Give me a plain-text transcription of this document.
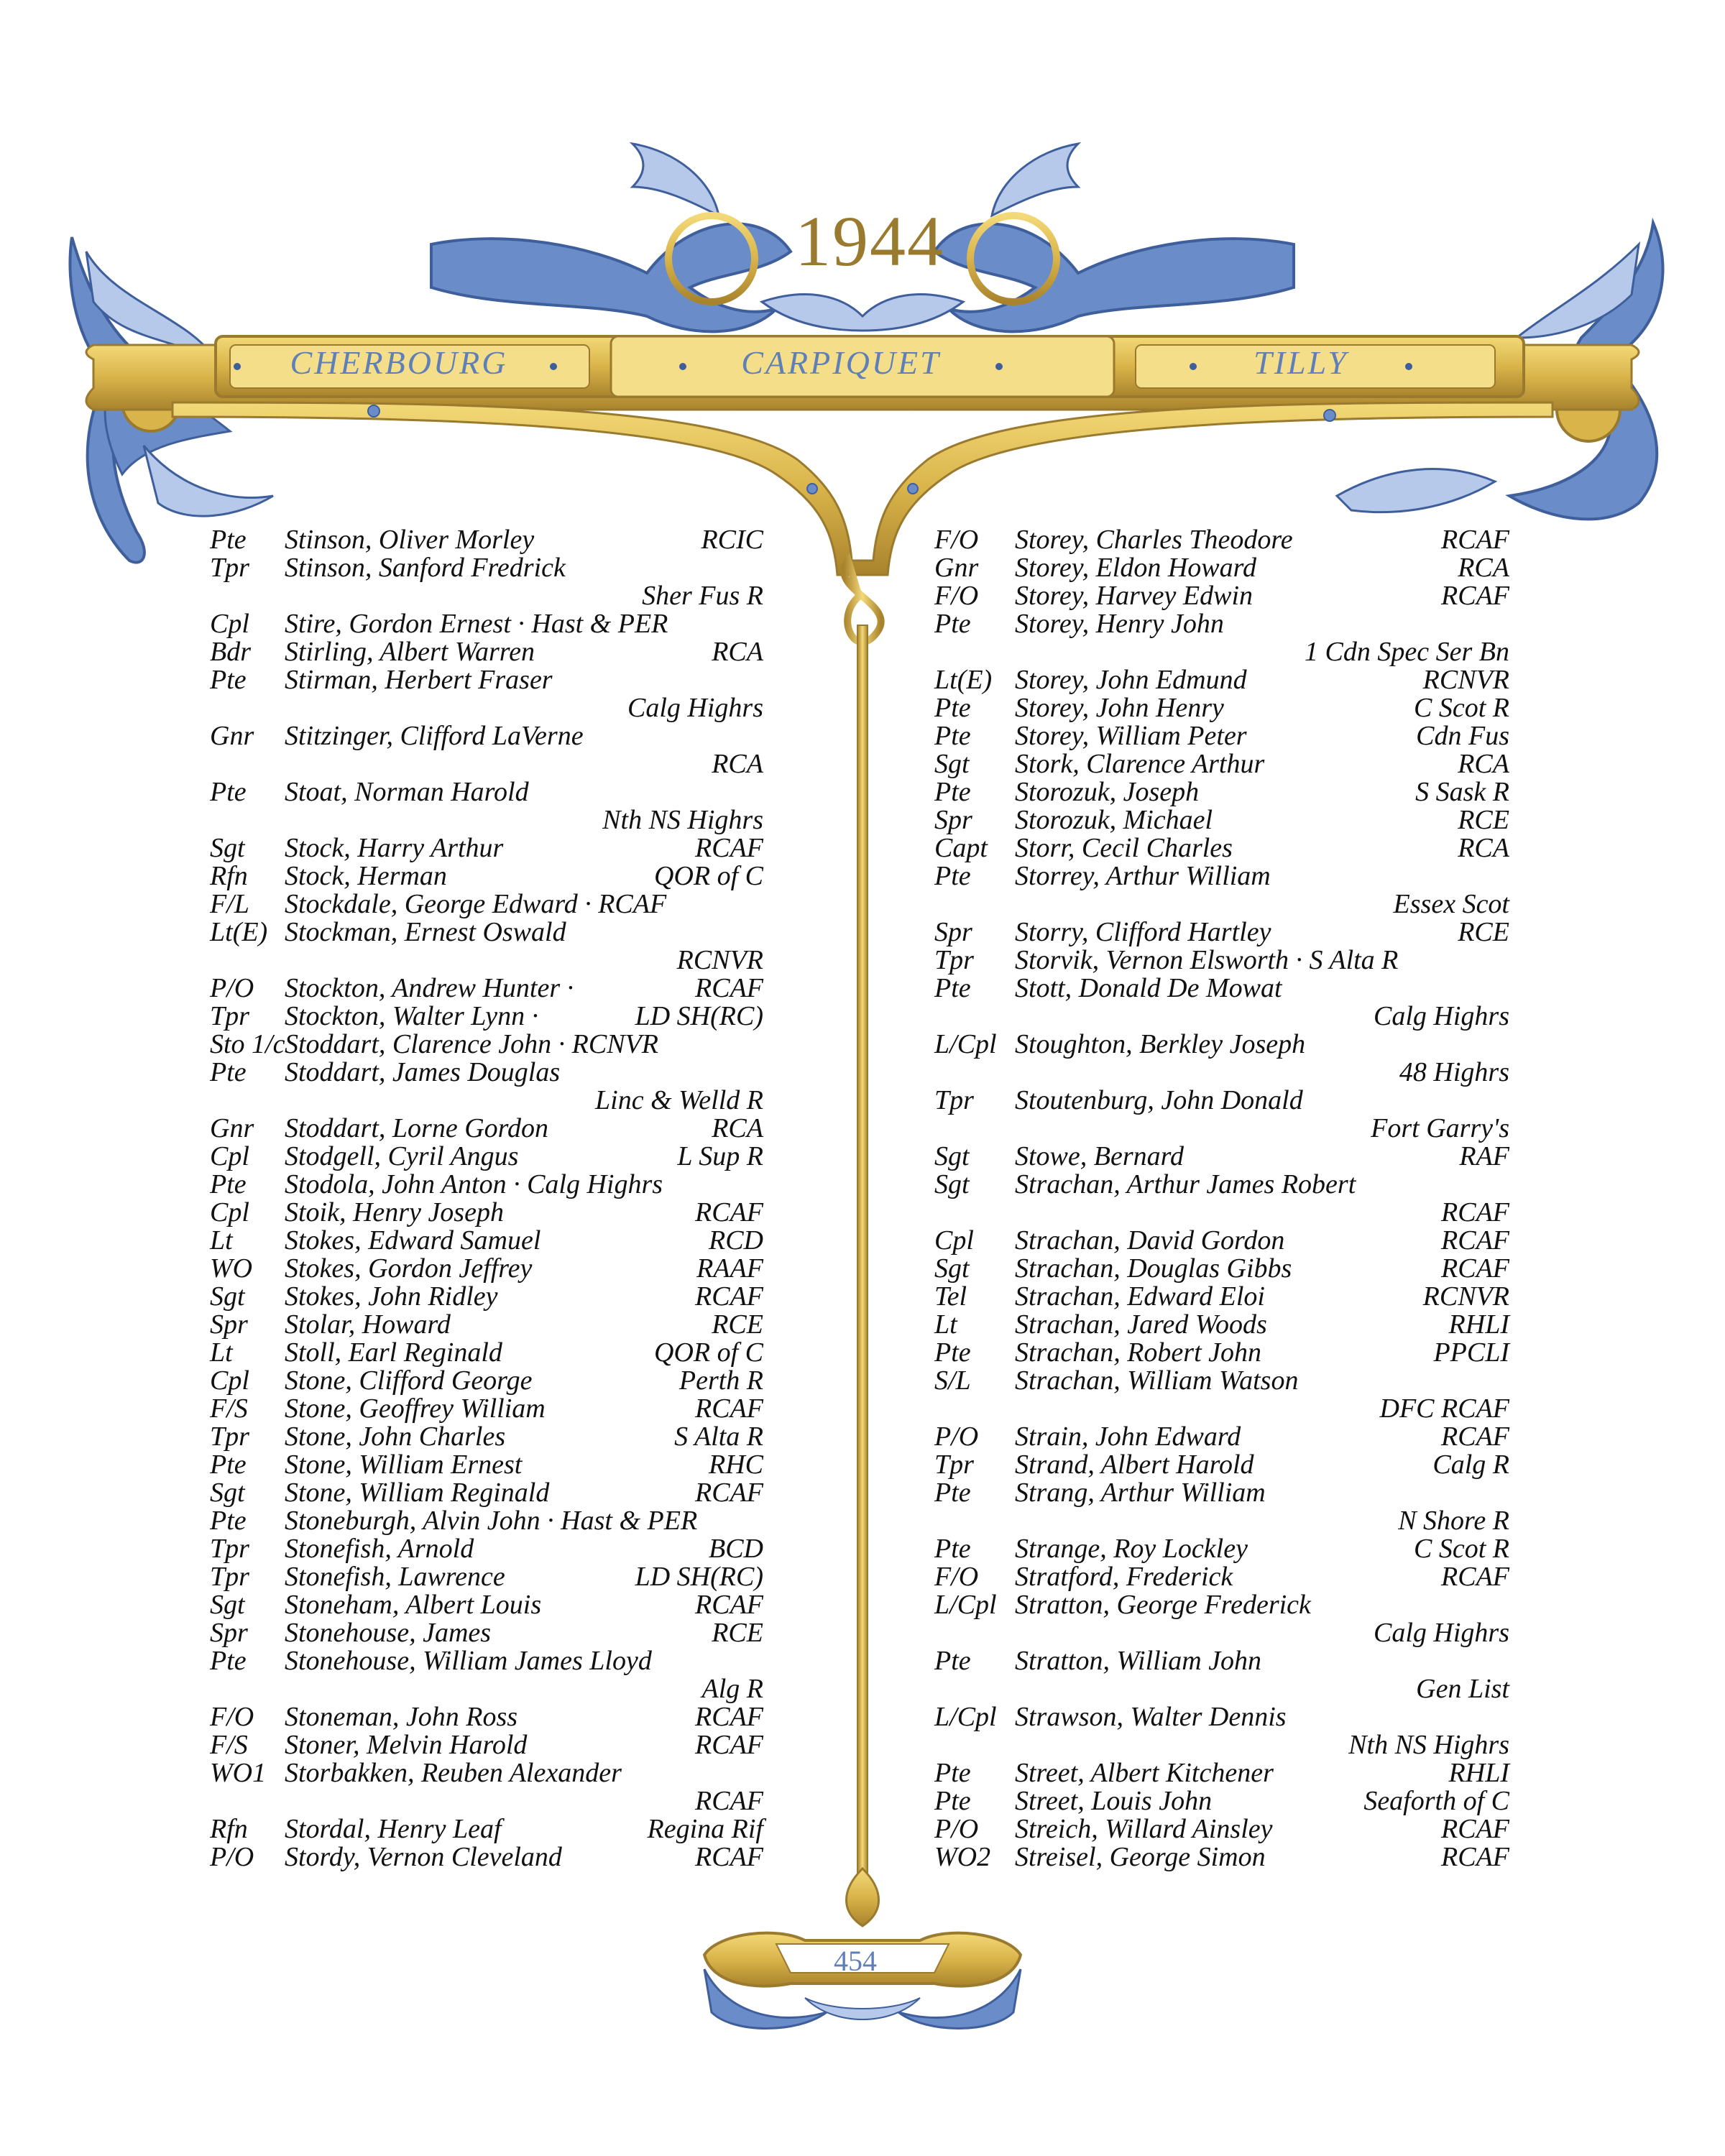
1944
CHERBOURG	CARPIQUET	TILLY
Pte Stinson, Oliver Morley	RCIC
Tpr Stinson, Sanford Fredrick
Sher Fus R
Cpl Stire, Gordon Ernest · Hast & PER
Bdr Stirling, Albert Warren	RCA
Pte Stirman, Herbert Fraser
Calg Highrs
Gnr Stitzinger, Clifford LaVerne
RCA
Pte Stoat, Norman Harold
Nth NS Highrs
Sgt Stock, Harry Arthur	RCAF
Rfn Stock, Herman	QOR of C
F/L Stockdale, George Edward · RCAF
Lt(E) Stockman, Ernest Oswald
RCNVR
P/O Stockton, Andrew Hunter ·	RCAF
Tpr Stockton, Walter Lynn ·	LD SH(RC)
Sto 1/c Stoddart, Clarence John · RCNVR
Pte Stoddart, James Douglas
Linc & Welld R
Gnr Stoddart, Lorne Gordon	RCA
Cpl Stodgell, Cyril Angus	L Sup R
Pte Stodola, John Anton · Calg Highrs
Cpl Stoik, Henry Joseph	RCAF
Lt Stokes, Edward Samuel	RCD
WO Stokes, Gordon Jeffrey	RAAF
Sgt Stokes, John Ridley	RCAF
Spr Stolar, Howard	RCE
Lt Stoll, Earl Reginald	QOR of C
Cpl Stone, Clifford George	Perth R
F/S Stone, Geoffrey William	RCAF
Tpr Stone, John Charles	S Alta R
Pte Stone, William Ernest	RHC
Sgt Stone, William Reginald	RCAF
Pte Stoneburgh, Alvin John · Hast & PER
Tpr Stonefish, Arnold	BCD
Tpr Stonefish, Lawrence	LD SH(RC)
Sgt Stoneham, Albert Louis	RCAF
Spr Stonehouse, James	RCE
Pte Stonehouse, William James Lloyd
Alg R
F/O Stoneman, John Ross	RCAF
F/S Stoner, Melvin Harold	RCAF
WO1 Storbakken, Reuben Alexander
RCAF
Rfn Stordal, Henry Leaf	Regina Rif
P/O Stordy, Vernon Cleveland	RCAF
F/O Storey, Charles Theodore	RCAF
Gnr Storey, Eldon Howard	RCA
F/O Storey, Harvey Edwin	RCAF
Pte Storey, Henry John
1 Cdn Spec Ser Bn
Lt(E) Storey, John Edmund	RCNVR
Pte Storey, John Henry	C Scot R
Pte Storey, William Peter	Cdn Fus
Sgt Stork, Clarence Arthur	RCA
Pte Storozuk, Joseph	S Sask R
Spr Storozuk, Michael	RCE
Capt Storr, Cecil Charles	RCA
Pte Storrey, Arthur William
Essex Scot
Spr Storry, Clifford Hartley	RCE
Tpr Storvik, Vernon Elsworth · S Alta R
Pte Stott, Donald De Mowat
Calg Highrs
L/Cpl Stoughton, Berkley Joseph
48 Highrs
Tpr Stoutenburg, John Donald
Fort Garry's
Sgt Stowe, Bernard	RAF
Sgt Strachan, Arthur James Robert
RCAF
Cpl Strachan, David Gordon	RCAF
Sgt Strachan, Douglas Gibbs	RCAF
Tel Strachan, Edward Eloi	RCNVR
Lt Strachan, Jared Woods	RHLI
Pte Strachan, Robert John	PPCLI
S/L Strachan, William Watson
DFC RCAF
P/O Strain, John Edward	RCAF
Tpr Strand, Albert Harold	Calg R
Pte Strang, Arthur William
N Shore R
Pte Strange, Roy Lockley	C Scot R
F/O Stratford, Frederick	RCAF
L/Cpl Stratton, George Frederick
Calg Highrs
Pte Stratton, William John
Gen List
L/Cpl Strawson, Walter Dennis
Nth NS Highrs
Pte Street, Albert Kitchener	RHLI
Pte Street, Louis John	Seaforth of C
P/O Streich, Willard Ainsley	RCAF
WO2 Streisel, George Simon	RCAF
454
